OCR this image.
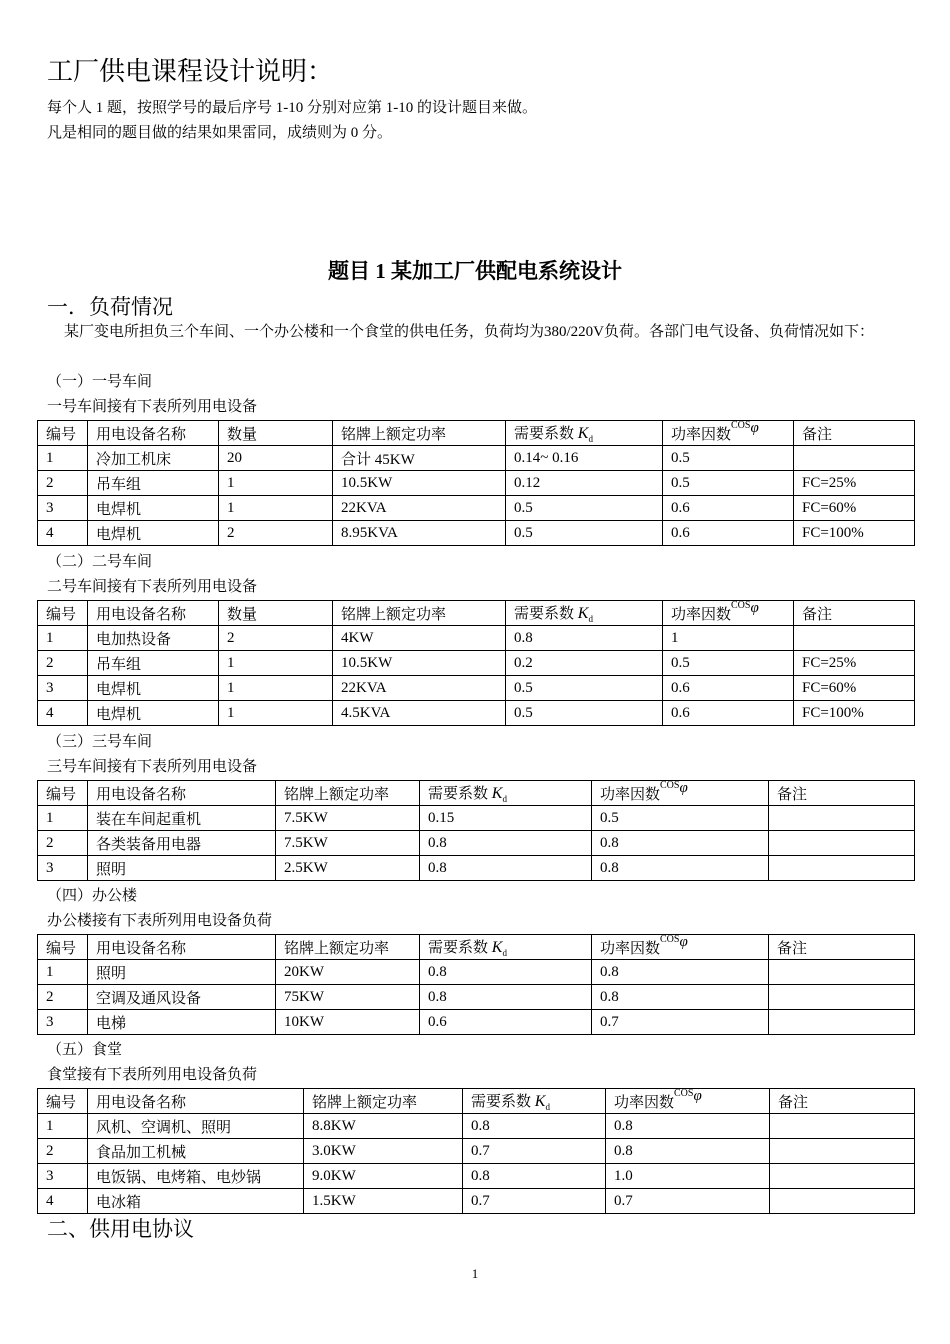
工厂供电课程设计说明：
每个人 1 题，按照学号的最后序号 1-10 分别对应第 1-10 的设计题目来做。
凡是相同的题目做的结果如果雷同，成绩则为 0 分。
题目 1 某加工厂供配电系统设计
一．负荷情况
某厂变电所担负三个车间、一个办公楼和一个食堂的供电任务，负荷均为380/220V负荷。各部门电气设备、负荷情况如下：
（一）一号车间
一号车间接有下表所列用电设备
编号	用电设备名称	数量	铭牌上额定功率	需要系数 $K_d$	功率因数$^{COS}$φ	备注
1	冷加工机床	20	合计 45KW	0.14~ 0.16	0.5	
2	吊车组	1	10.5KW	0.12	0.5	FC=25%
3	电焊机	1	22KVA	0.5	0.6	FC=60%
4	电焊机	2	8.95KVA	0.5	0.6	FC=100%
（二）二号车间
二号车间接有下表所列用电设备
编号	用电设备名称	数量	铭牌上额定功率	需要系数 $K_d$	功率因数$^{COS}$φ	备注
1	电加热设备	2	4KW	0.8	1	
2	吊车组	1	10.5KW	0.2	0.5	FC=25%
3	电焊机	1	22KVA	0.5	0.6	FC=60%
4	电焊机	1	4.5KVA	0.5	0.6	FC=100%
（三）三号车间
三号车间接有下表所列用电设备
编号	用电设备名称	铭牌上额定功率	需要系数 $K_d$	功率因数$^{COS}$φ	备注
1	装在车间起重机	7.5KW	0.15	0.5	
2	各类装备用电器	7.5KW	0.8	0.8	
3	照明	2.5KW	0.8	0.8	
（四）办公楼
办公楼接有下表所列用电设备负荷
编号	用电设备名称	铭牌上额定功率	需要系数 $K_d$	功率因数$^{COS}$φ	备注
1	照明	20KW	0.8	0.8	
2	空调及通风设备	75KW	0.8	0.8	
3	电梯	10KW	0.6	0.7	
（五）食堂
食堂接有下表所列用电设备负荷
编号	用电设备名称	铭牌上额定功率	需要系数 $K_d$	功率因数$^{COS}$φ	备注
1	风机、空调机、照明	8.8KW	0.8	0.8	
2	食品加工机械	3.0KW	0.7	0.8	
3	电饭锅、电烤箱、电炒锅	9.0KW	0.8	1.0	
4	电冰箱	1.5KW	0.7	0.7	
二、供用电协议
1
